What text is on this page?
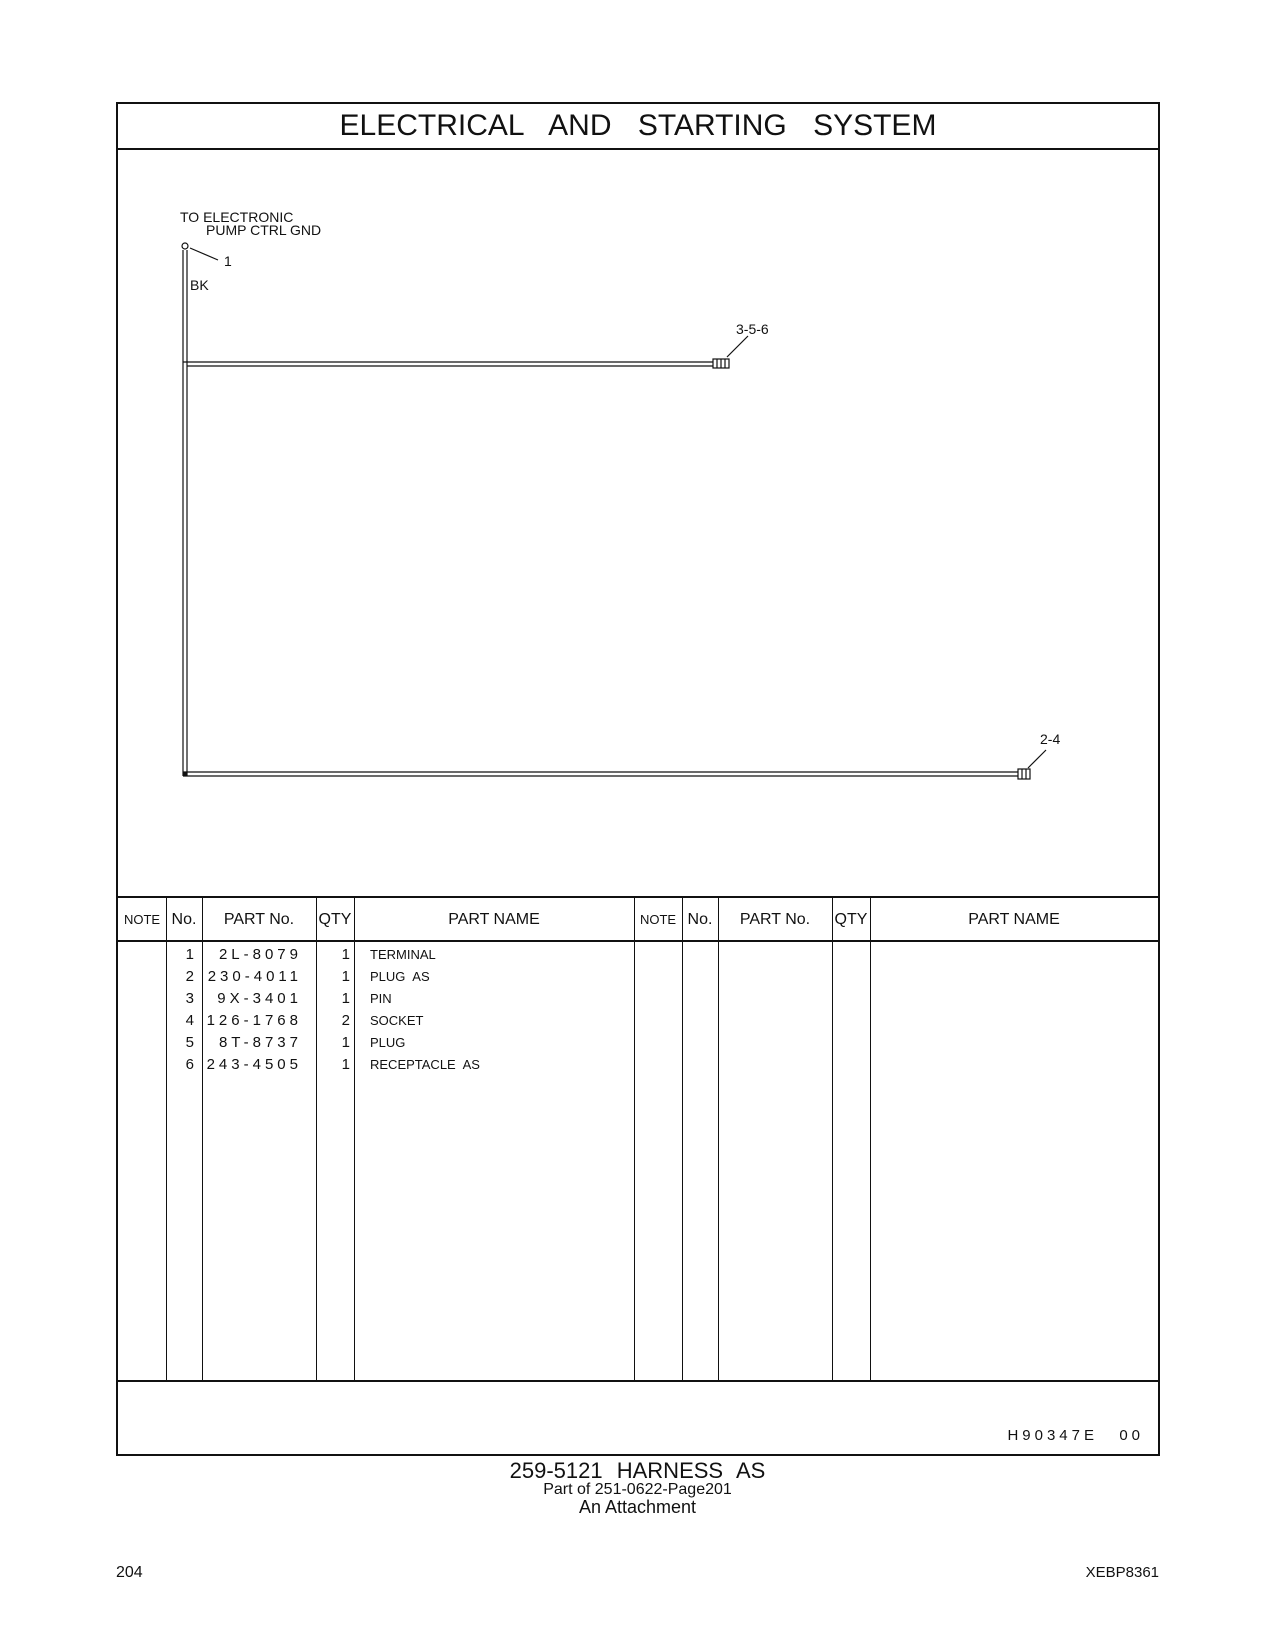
ELECTRICAL AND STARTING SYSTEM
TO ELECTRONIC
PUMP CTRL GND
1
BK
3-5-6
2-4
NOTE No.	PART No.	QTY	PART NAME	NOTE No.	PART No.	QTY	PART NAME
1	2L-8079	1 TERMINAL
2 230-4011	1 PLUG AS
3	9X-3401	1 PIN
4 126-1768	2 SOCKET
5	8T-8737	1 PLUG
6 243-4505	1 RECEPTACLE AS
H90347E 00
259-5121 HARNESS AS
Part of 251-0622-Page201
An Attachment
204	XEBP8361
